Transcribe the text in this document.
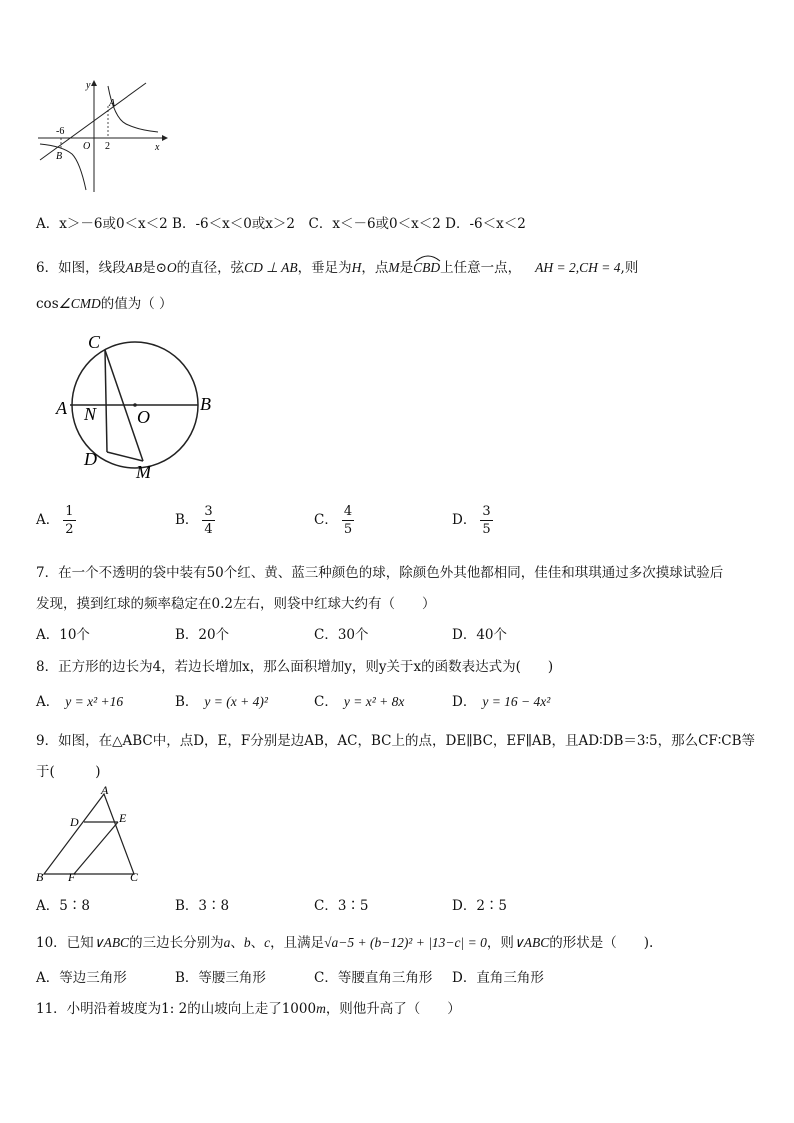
y
x
A
B
O
-6
2
A．x＞－6或0＜x＜2 B．-6＜x＜0或x＞2　C．x＜－6或0＜x＜2 D．-6＜x＜2
6．如图，线段AB是⊙O的直径，弦CD ⊥ AB，垂足为H，点M是CBD
上任意一点， AH = 2,CH = 4,则
cos∠CMD的值为（ ）
C
A N O
B
D
M
A． $\frac{1}{2}$	B． $\frac{3}{4}$	C． $\frac{4}{5}$	D． $\frac{3}{5}$
7．在一个不透明的袋中装有50个红、黄、蓝三种颜色的球，除颜色外其他都相同，佳佳和琪琪通过多次摸球试验后
发现，摸到红球的频率稳定在0.2左右，则袋中红球大约有（　　）
A．10个	B．20个	C．30个	D．40个
8．正方形的边长为4，若边长增加x，那么面积增加y，则y关于x的函数表达式为(　　)
A． y = x² +16	B． y = (x + 4)²	C． y = x² + 8x	D． y = 16 − 4x²
9．如图，在△ABC中，点D，E，F分别是边AB，AC，BC上的点，DE∥BC，EF∥AB，且AD∶DB＝3∶5，那么CF∶CB等
于(　　　)
A
D	E
B F	C
A．5∶8	B．3∶8	C．3∶5	D．2∶5
10．已知∨ABC的三边长分别为a、b、c，且满足√a−5 + (b−12)² + |13−c| = 0，则∨ABC的形状是（　　).
A．等边三角形	B．等腰三角形	C．等腰直角三角形 D．直角三角形
11．小明沿着坡度为1: 2的山坡向上走了1000m，则他升高了（　　）
